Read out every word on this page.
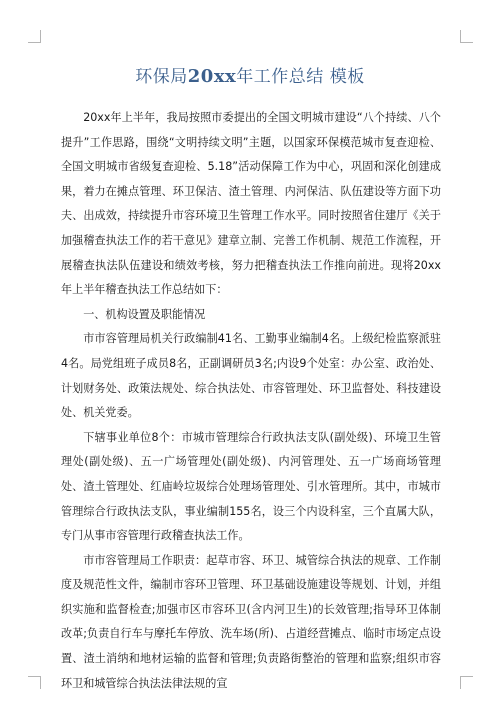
环保局20xx年工作总结 模板

20xx年上半年，我局按照市委提出的全国文明城市建设“八个持续、八个提升”工作思路，围绕“文明持续文明”主题，以国家环保模范城市复查迎检、全国文明城市省级复查迎检、5.18”活动保障工作为中心，巩固和深化创建成果，着力在摊点管理、环卫保洁、渣土管理、内河保洁、队伍建设等方面下功夫、出成效，持续提升市容环境卫生管理工作水平。同时按照省住建厅《关于加强稽查执法工作的若干意见》建章立制、完善工作机制、规范工作流程，开展稽查执法队伍建设和绩效考核，努力把稽查执法工作推向前进。现将20xx年上半年稽查执法工作总结如下：

一、机构设置及职能情况

市市容管理局机关行政编制41名、工勤事业编制4名。上级纪检监察派驻4名。局党组班子成员8名，正副调研员3名;内设9个处室：办公室、政治处、计划财务处、政策法规处、综合执法处、市容管理处、环卫监督处、科技建设处、机关党委。

下辖事业单位8个：市城市管理综合行政执法支队(副处级)、环境卫生管理处(副处级)、五一广场管理处(副处级)、内河管理处、五一广场商场管理处、渣土管理处、红庙岭垃圾综合处理场管理处、引水管理所。其中，市城市管理综合行政执法支队，事业编制155名，设三个内设科室，三个直属大队，专门从事市容管理行政稽查执法工作。

市市容管理局工作职责：起草市容、环卫、城管综合执法的规章、工作制度及规范性文件，编制市容环卫管理、环卫基础设施建设等规划、计划，并组织实施和监督检查;加强市区市容环卫(含内河卫生)的长效管理;指导环卫体制改革;负责自行车与摩托车停放、洗车场(所)、占道经营摊点、临时市场定点设置、渣土消纳和地材运输的监督和管理;负责路街整治的管理和监察;组织市容环卫和城管综合执法法律法规的宣
